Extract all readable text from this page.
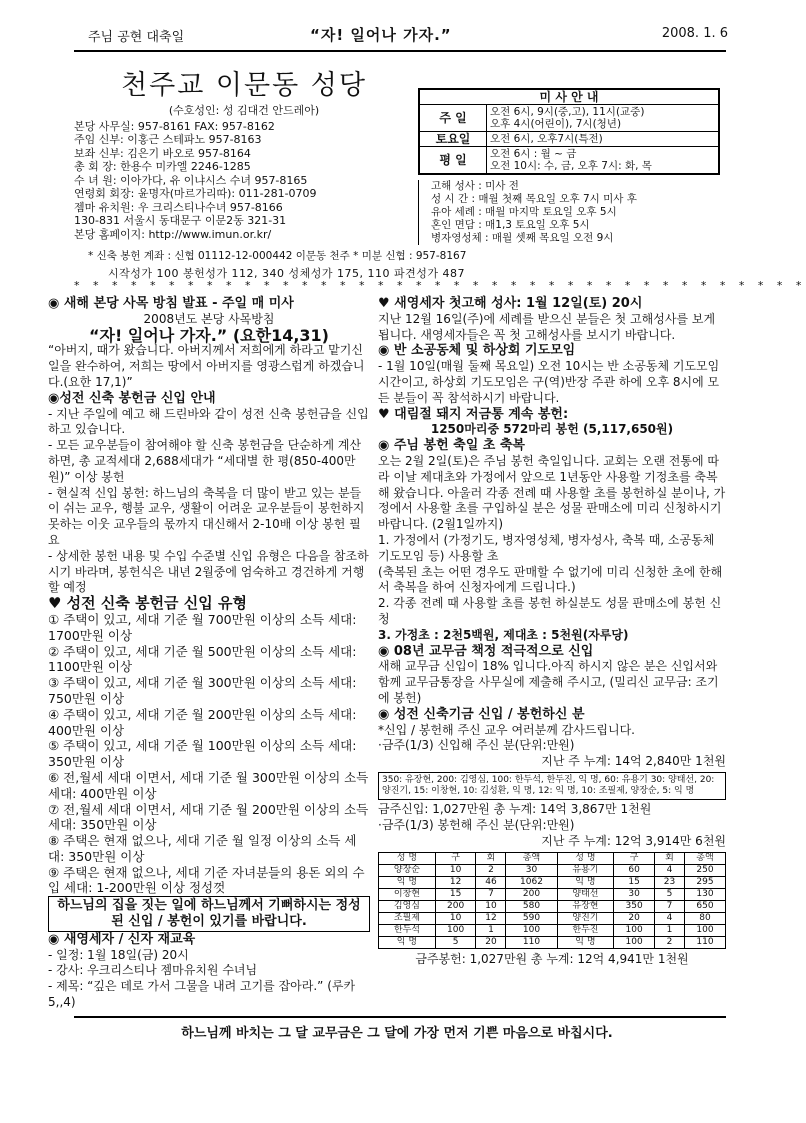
주님 공현 대축일	“자! 일어나 가자.”	2008. 1. 6
천주교 이문동 성당
(수호성인: 성 김대건 안드레아)
본당 사무실: 957-8161 FAX: 957-8162
주임 신부: 이홍근 스테파노 957-8163
보좌 신부: 김은기 바오로 957-8164
총 회 장: 한용수 미카엘 2246-1285
수 녀 원: 이아가다, 유 이냐시스 수녀 957-8165
연령회 회장: 윤명자(마르가리따): 011-281-0709
젬마 유치원: 우 크리스티나수녀 957-8166
130-831 서울시 동대문구 이문2동 321-31
본당 홈페이지: http://www.imun.or.kr/
미 사 안 내	
주 일	오전 6시, 9시(중,고), 11시(교중)
오후 4시(어린이), 7시(청년)

토요일	오전 6시, 오후7시(특전)
평 일	오전 6시 : 월 ~ 금
오전 10시: 수, 금, 오후 7시: 화, 목
고해 성사 : 미사 전
성 시 간 : 매월 첫째 목요일 오후 7시 미사 후
유아 세례 : 매월 마지막 토요일 오후 5시
혼인 면담 : 매1,3 토요일 오후 5시
병자영성체 : 매월 셋째 목요일 오전 9시
* 신축 봉헌 계좌 : 신협 01112-12-000442 이문동 천주 * 미분 신협 : 957-8167
시작성가 100 봉헌성가 112, 340 성체성가 175, 110 파견성가 487
* * * * * * * * * * * * * * * * * * * * * * * * * * * * * * * * * * * * * * *

◉ 새해 본당 사목 방침 발표 - 주일 매 미사

2008년도 본당 사목방침

“자! 일어나 가자.” (요한14,31)

“아버지, 때가 왔습니다. 아버지께서 저희에게 하라고 맡기신 일을 완수하여, 저희는 땅에서 아버지를 영광스럽게 하겠습니다.(요한 17,1)”

◉성전 신축 봉헌금 신입 안내

- 지난 주일에 예고 해 드린바와 같이 성전 신축 봉헌금을 신입 하고 있습니다.

- 모든 교우분들이 참여해야 할 신축 봉헌금을 단순하게 계산하면, 총 교적세대 2,688세대가 “세대별 한 평(850-400만원)” 이상 봉헌

- 현실적 신입 봉헌: 하느님의 축복을 더 많이 받고 있는 분들이 쉬는 교우, 행불 교우, 생활이 어려운 교우분들이 봉헌하지 못하는 이웃 교우들의 몫까지 대신해서 2-10배 이상 봉헌 필요

- 상세한 봉헌 내용 및 수입 수준별 신입 유형은 다음을 참조하시기 바라며, 봉헌식은 내년 2월중에 엄숙하고 경건하게 거행할 예정

♥ 성전 신축 봉헌금 신입 유형

① 주택이 있고, 세대 기준 월 700만원 이상의 소득 세대: 1700만원 이상

② 주택이 있고, 세대 기준 월 500만원 이상의 소득 세대: 1100만원 이상

③ 주택이 있고, 세대 기준 월 300만원 이상의 소득 세대: 750만원 이상

④ 주택이 있고, 세대 기준 월 200만원 이상의 소득 세대: 400만원 이상

⑤ 주택이 있고, 세대 기준 월 100만원 이상의 소득 세대: 350만원 이상

⑥ 전,월세 세대 이면서, 세대 기준 월 300만원 이상의 소득 세대: 400만원 이상

⑦ 전,월세 세대 이면서, 세대 기준 월 200만원 이상의 소득 세대: 350만원 이상

⑧ 주택은 현재 없으나, 세대 기준 월 일정 이상의 소득 세대: 350만원 이상

⑨ 주택은 현재 없으나, 세대 기준 자녀분들의 용돈 외의 수입 세대: 1-200만원 이상 정성껏

하느님의 집을 짓는 일에 하느님께서 기뻐하시는 정성된 신입 / 봉헌이 있기를 바랍니다.

◉ 새영세자 / 신자 재교육

- 일정: 1월 18일(금) 20시

- 강사: 우크리스티나 젬마유치원 수녀님

- 제목: “깊은 데로 가서 그물을 내려 고기를 잡아라.” (루카5,,4)

♥ 새영세자 첫고해 성사: 1월 12일(토) 20시

지난 12월 16일(주)에 세례를 받으신 분들은 첫 고해성사를 보게 됩니다. 새영세자들은 꼭 첫 고해성사를 보시기 바랍니다.

◉ 반 소공동체 및 하상회 기도모임

- 1월 10일(매월 둘째 목요일) 오전 10시는 반 소공동체 기도모임 시간이고, 하상회 기도모임은 구(역)반장 주관 하에 오후 8시에 모든 분들이 꼭 참석하시기 바랍니다.

♥ 대림절 돼지 저금통 계속 봉헌:

1250마리중 572마리 봉헌 (5,117,650원)

◉ 주님 봉헌 축일 초 축복

오는 2월 2일(토)은 주님 봉헌 축일입니다. 교회는 오랜 전통에 따라 이날 제대초와 가정에서 앞으로 1년동안 사용할 기정초를 축복해 왔습니다. 아울러 각종 전례 때 사용할 초를 봉헌하실 분이나, 가정에서 사용할 초를 구입하실 분은 성물 판매소에 미리 신청하시기 바랍니다. (2월1일까지)

1. 가정에서 (가정기도, 병자영성체, 병자성사, 축복 때, 소공동체 기도모임 등) 사용할 초

(축복된 초는 어떤 경우도 판매할 수 없기에 미리 신청한 초에 한해서 축복을 하여 신청자에게 드립니다.)

2. 각종 전례 때 사용할 초를 봉헌 하실분도 성물 판매소에 봉헌 신청

3. 가정초 : 2천5백원, 제대초 : 5천원(자루당)

◉ 08년 교무금 책정 적극적으로 신입

새해 교무금 신입이 18% 입니다.아직 하시지 않은 분은 신입서와 함께 교무금통장을 사무실에 제출해 주시고, (밀리신 교무금: 조기에 봉헌)

◉ 성전 신축기금 신입 / 봉헌하신 분

*신입 / 봉헌해 주신 교우 여러분께 감사드립니다.

·금주(1/3) 신입해 주신 분(단위:만원)

지난 주 누계: 14억 2,840만 1천원

350: 유장현, 200: 김영심, 100: 한두석, 한두진, 익 명, 60: 유용기 30: 양태선, 20: 양진기, 15: 이창현, 10: 김성환, 익 명, 12: 익 명, 10: 조필제, 양장순, 5: 익 명

금주신입: 1,027만원 총 누계: 14억 3,867만 1천원

·금주(1/3) 봉헌해 주신 분(단위:만원)

지난 주 누계: 12억 3,914만 6천원

성 명	구	회	총액	성 명	구	회	총액
양장순	10	2	30	유용기	60	4	250
익 명	12	46	1062	익 명	15	23	295
이창현	15	7	200	양태선	30	5	130
김영심	200	10	580	유장현	350	7	650
조필제	10	12	590	양진기	20	4	80
한두석	100	1	100	한두진	100	1	100
익 명	5	20	110	익 명	100	2	110

금주봉헌: 1,027만원 총 누계: 12억 4,941만 1천원

하느님께 바치는 그 달 교무금은 그 달에 가장 먼저 기쁜 마음으로 바칩시다.
